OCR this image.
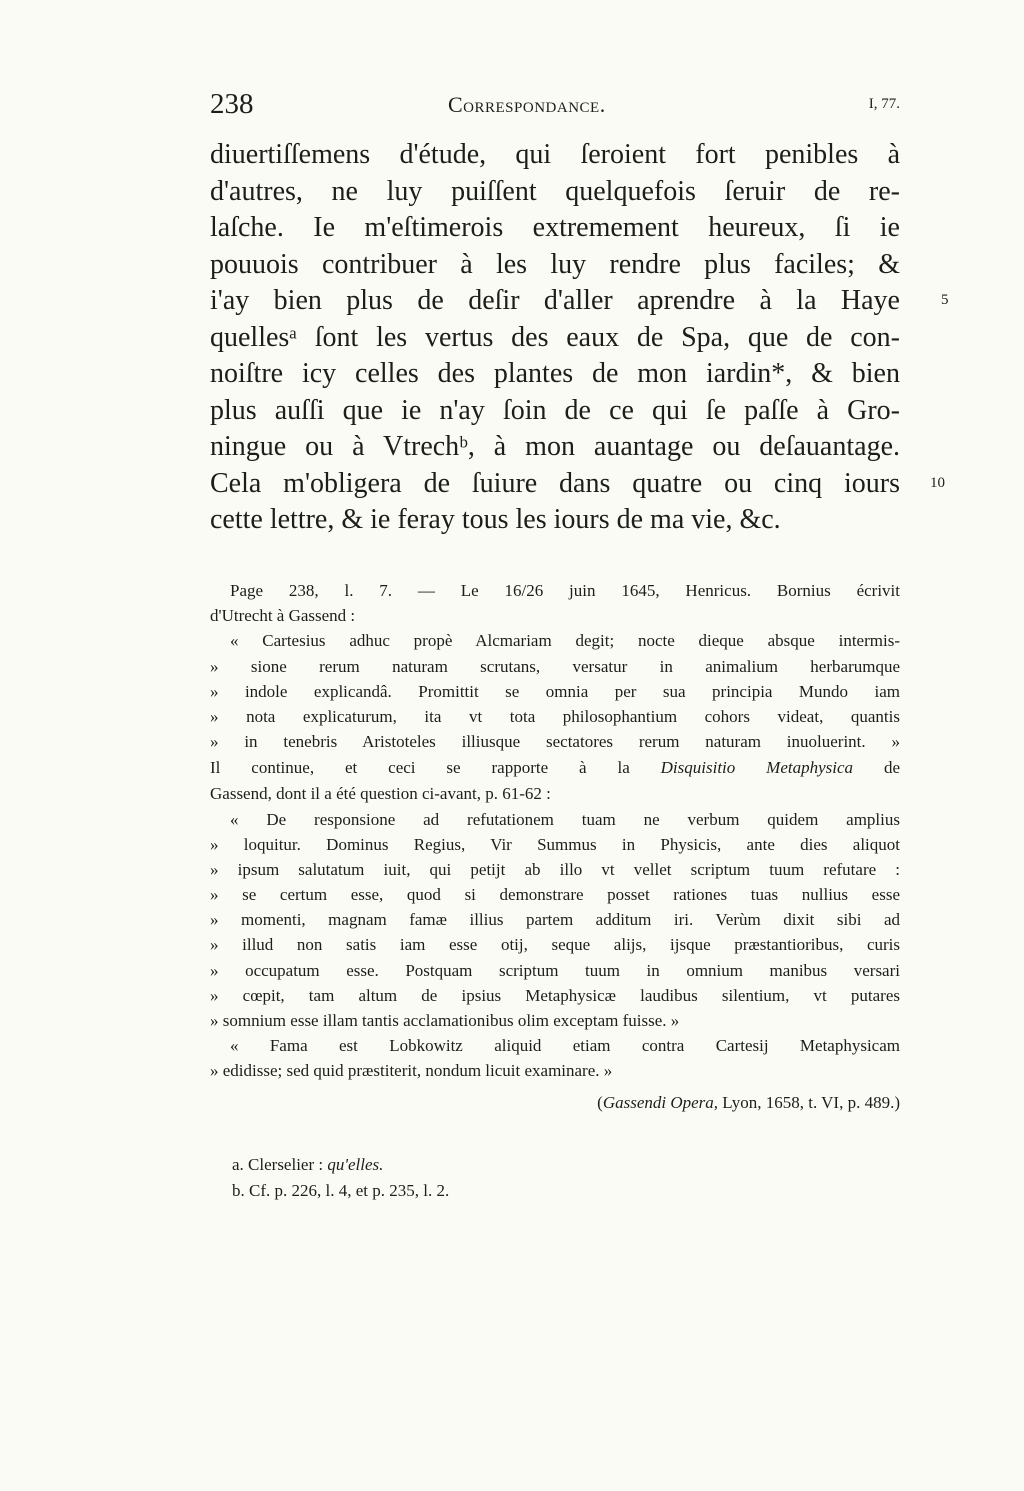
238	Correspondance.	I, 77.
diuertiſſemens d'étude, qui ſeroient fort penibles à
d'autres, ne luy puiſſent quelquefois ſeruir de re-
laſche. Ie m'eſtimerois extremement heureux, ſi ie
pouuois contribuer à les luy rendre plus faciles; &
i'ay bien plus de deſir d'aller aprendre à la Haye
quellesᵃ ſont les vertus des eaux de Spa, que de con-
noiſtre icy celles des plantes de mon iardin*, & bien
plus auſſi que ie n'ay ſoin de ce qui ſe paſſe à Gro-
ningue ou à Vtrechᵇ, à mon auantage ou deſauantage.
Cela m'obligera de ſuiure dans quatre ou cinq iours
cette lettre, & ie feray tous les iours de ma vie, &c.
5
10
Page 238, l. 7. — Le 16/26 juin 1645, Henricus. Bornius écrivit
d'Utrecht à Gassend :
« Cartesius adhuc propè Alcmariam degit; nocte dieque absque intermis-
» sione rerum naturam scrutans, versatur in animalium herbarumque
» indole explicandâ. Promittit se omnia per sua principia Mundo iam
» nota explicaturum, ita vt tota philosophantium cohors videat, quantis
» in tenebris Aristoteles illiusque sectatores rerum naturam inuoluerint. »
Il continue, et ceci se rapporte à la Disquisitio Metaphysica de
Gassend, dont il a été question ci-avant, p. 61-62 :
« De responsione ad refutationem tuam ne verbum quidem amplius
» loquitur. Dominus Regius, Vir Summus in Physicis, ante dies aliquot
» ipsum salutatum iuit, qui petijt ab illo vt vellet scriptum tuum refutare :
» se certum esse, quod si demonstrare posset rationes tuas nullius esse
» momenti, magnam famæ illius partem additum iri. Verùm dixit sibi ad
» illud non satis iam esse otij, seque alijs, ijsque præstantioribus, curis
» occupatum esse. Postquam scriptum tuum in omnium manibus versari
» cœpit, tam altum de ipsius Metaphysicæ laudibus silentium, vt putares
» somnium esse illam tantis acclamationibus olim exceptam fuisse. »
« Fama est Lobkowitz aliquid etiam contra Cartesij Metaphysicam
» edidisse; sed quid præstiterit, nondum licuit examinare. »
(Gassendi Opera, Lyon, 1658, t. VI, p. 489.)
a. Clerselier : qu'elles.
b. Cf. p. 226, l. 4, et p. 235, l. 2.
